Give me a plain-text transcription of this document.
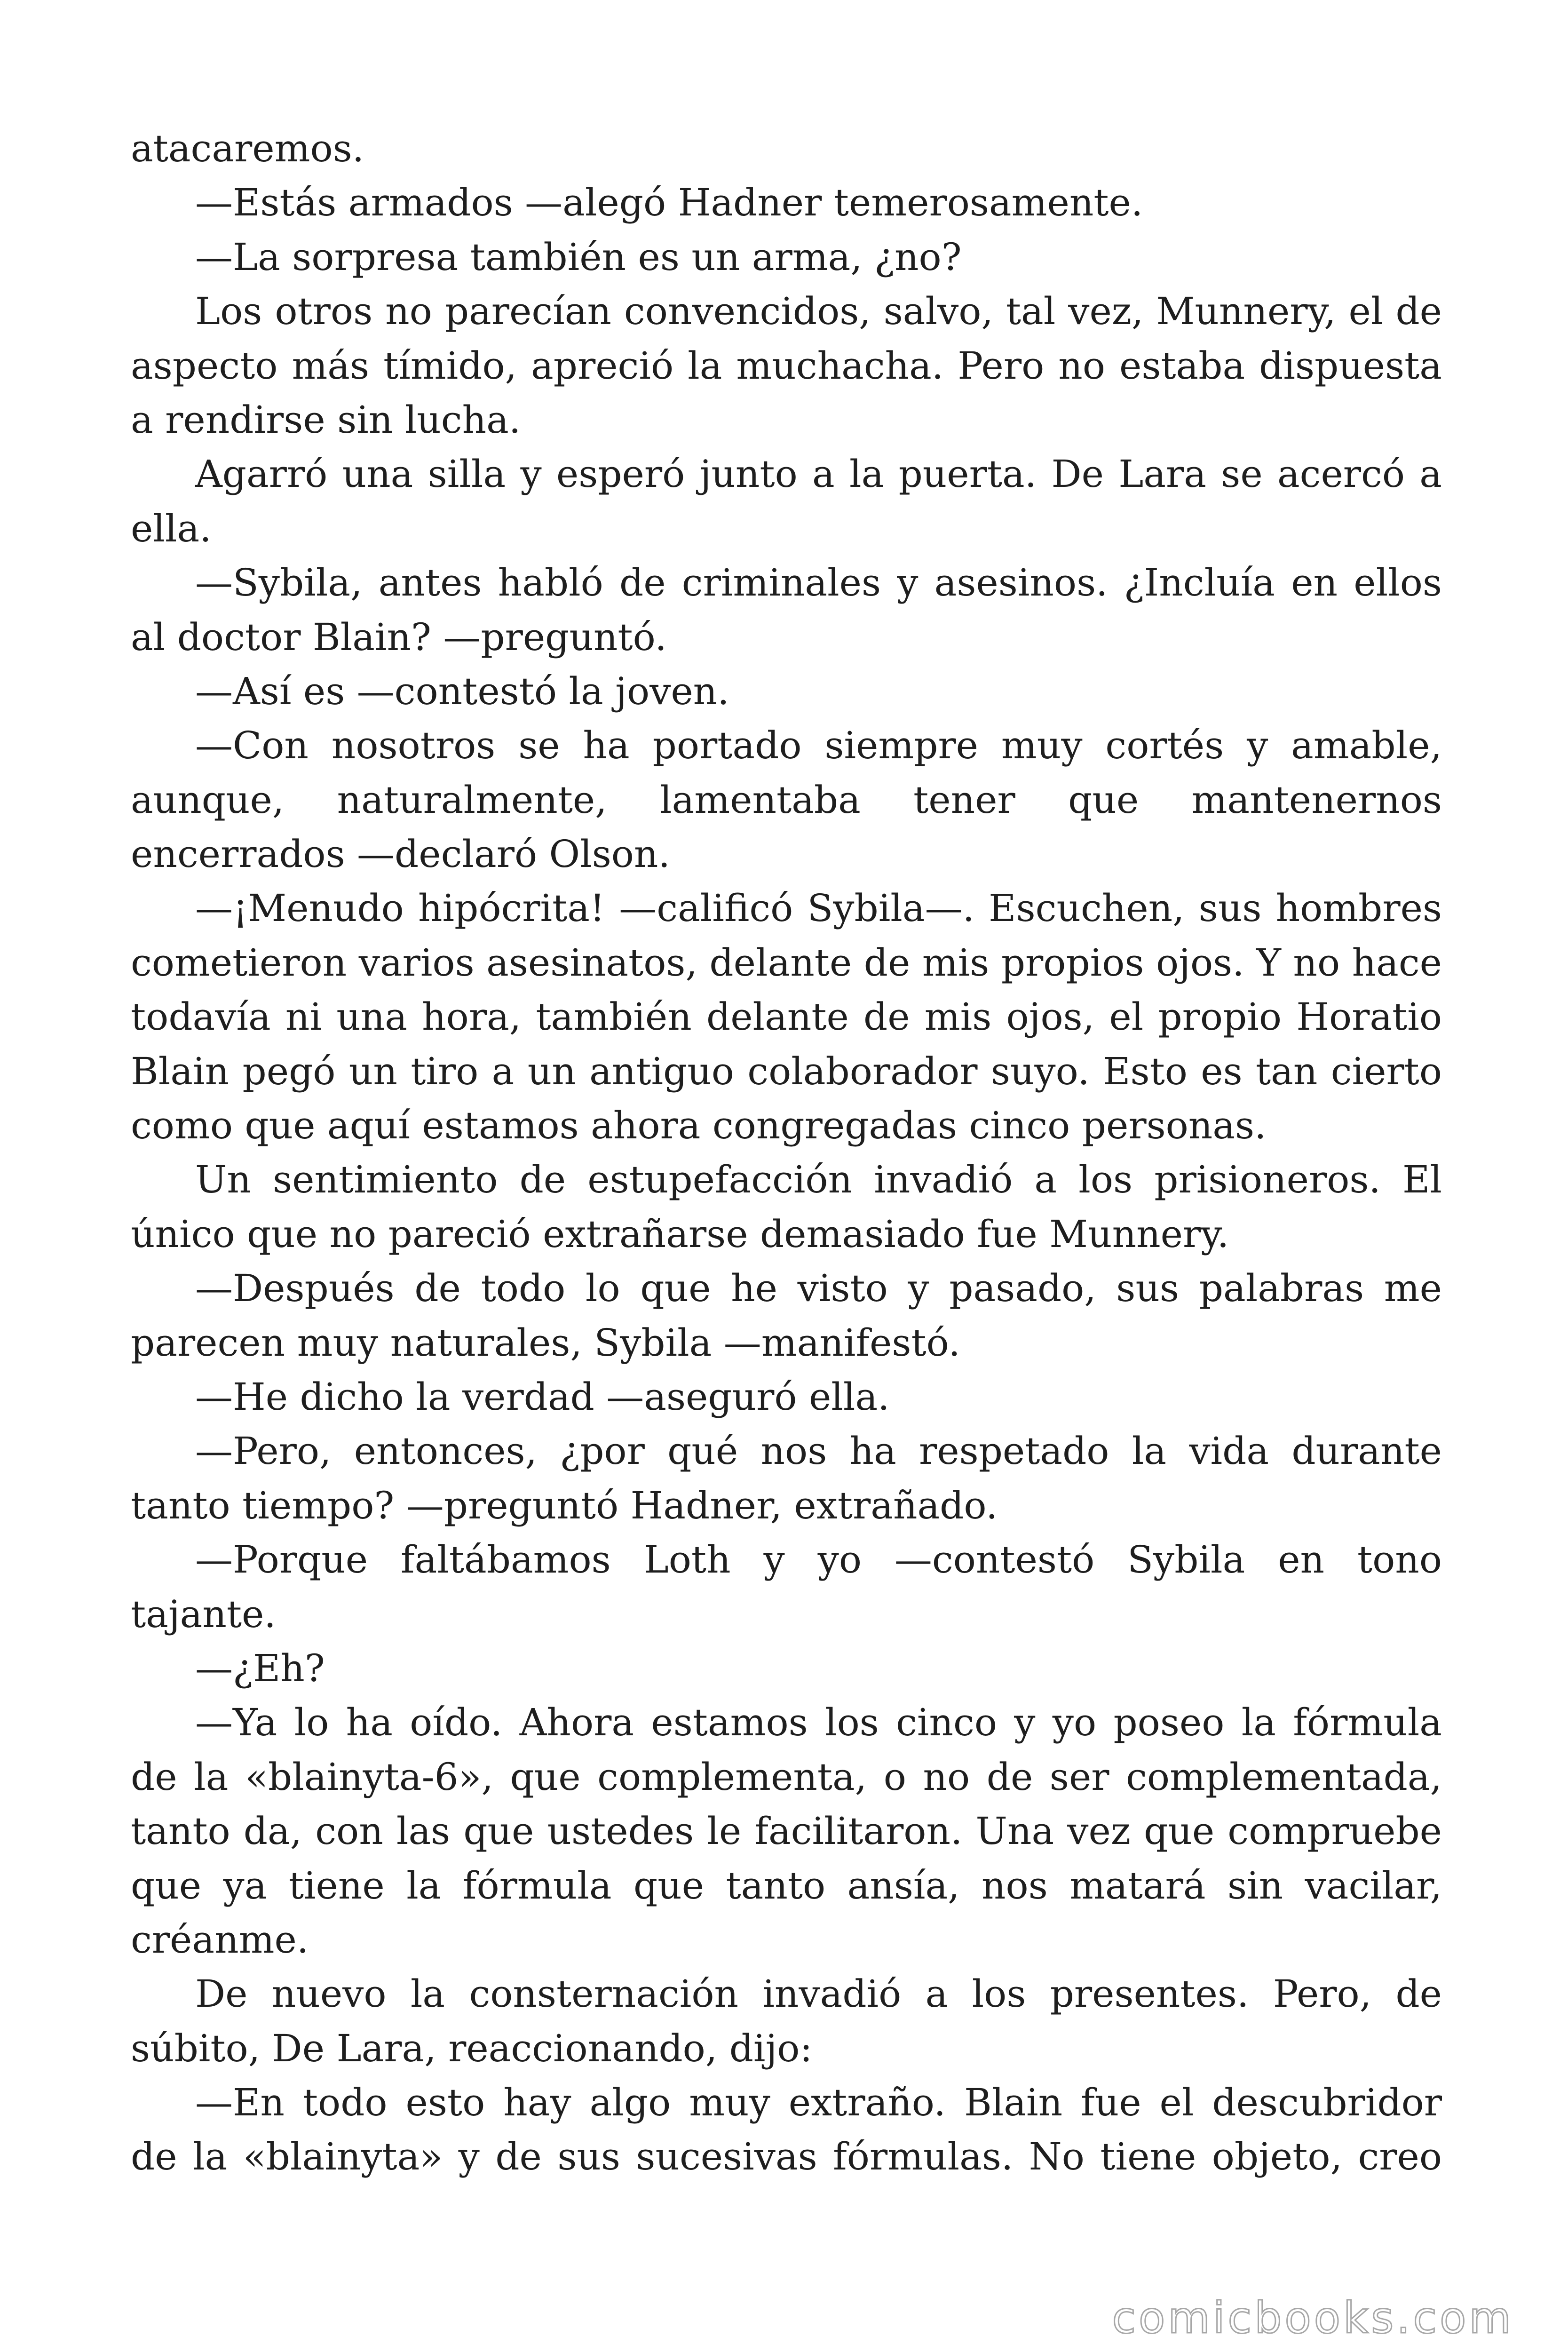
atacaremos.
—Estás armados —alegó Hadner temerosamente.
—La sorpresa también es un arma, ¿no?
Los otros no parecían convencidos, salvo, tal vez, Munnery, el de
aspecto más tímido, apreció la muchacha. Pero no estaba dispuesta
a rendirse sin lucha.
Agarró una silla y esperó junto a la puerta. De Lara se acercó a
ella.
—Sybila, antes habló de criminales y asesinos. ¿Incluía en ellos
al doctor Blain? —preguntó.
—Así es —contestó la joven.
—Con nosotros se ha portado siempre muy cortés y amable,
aunque, naturalmente, lamentaba tener que mantenernos
encerrados —declaró Olson.
—¡Menudo hipócrita! —calificó Sybila—. Escuchen, sus hombres
cometieron varios asesinatos, delante de mis propios ojos. Y no hace
todavía ni una hora, también delante de mis ojos, el propio Horatio
Blain pegó un tiro a un antiguo colaborador suyo. Esto es tan cierto
como que aquí estamos ahora congregadas cinco personas.
Un sentimiento de estupefacción invadió a los prisioneros. El
único que no pareció extrañarse demasiado fue Munnery.
—Después de todo lo que he visto y pasado, sus palabras me
parecen muy naturales, Sybila —manifestó.
—He dicho la verdad —aseguró ella.
—Pero, entonces, ¿por qué nos ha respetado la vida durante
tanto tiempo? —preguntó Hadner, extrañado.
—Porque faltábamos Loth y yo —contestó Sybila en tono
tajante.
—¿Eh?
—Ya lo ha oído. Ahora estamos los cinco y yo poseo la fórmula
de la «blainyta-6», que complementa, o no de ser complementada,
tanto da, con las que ustedes le facilitaron. Una vez que compruebe
que ya tiene la fórmula que tanto ansía, nos matará sin vacilar,
créanme.
De nuevo la consternación invadió a los presentes. Pero, de
súbito, De Lara, reaccionando, dijo:
—En todo esto hay algo muy extraño. Blain fue el descubridor
de la «blainyta» y de sus sucesivas fórmulas. No tiene objeto, creo
comicbooks.com
